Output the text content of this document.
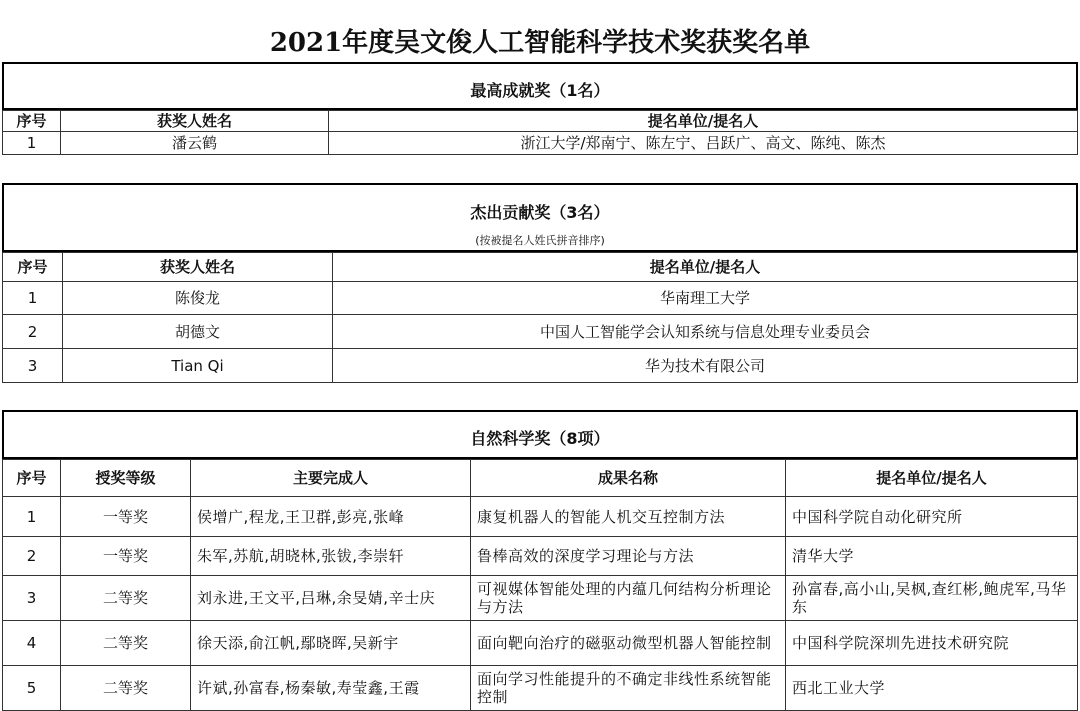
2021年度吴文俊人工智能科学技术奖获奖名单
最高成就奖（1名）
序号	获奖人姓名	提名单位/提名人
1	潘云鹤	浙江大学/郑南宁、陈左宁、吕跃广、高文、陈纯、陈杰
杰出贡献奖（3名）
(按被提名人姓氏拼音排序)
序号	获奖人姓名	提名单位/提名人
1	陈俊龙	华南理工大学
2	胡德文	中国人工智能学会认知系统与信息处理专业委员会
3	Tian Qi	华为技术有限公司
自然科学奖（8项）
序号	授奖等级	主要完成人	成果名称	提名单位/提名人
1	一等奖	侯增广,程龙,王卫群,彭亮,张峰	康复机器人的智能人机交互控制方法	中国科学院自动化研究所
2	一等奖	朱军,苏航,胡晓林,张钹,李崇轩	鲁棒高效的深度学习理论与方法	清华大学
3	二等奖	刘永进,王文平,吕琳,余旻婧,辛士庆	可视媒体智能处理的内蕴几何结构分析理论与方法	孙富春,高小山,吴枫,查红彬,鲍虎军,马华东
4	二等奖	徐天添,俞江帆,鄢晓晖,吴新宇	面向靶向治疗的磁驱动微型机器人智能控制	中国科学院深圳先进技术研究院
5	二等奖	许斌,孙富春,杨秦敏,寿莹鑫,王霞	面向学习性能提升的不确定非线性系统智能控制	西北工业大学
